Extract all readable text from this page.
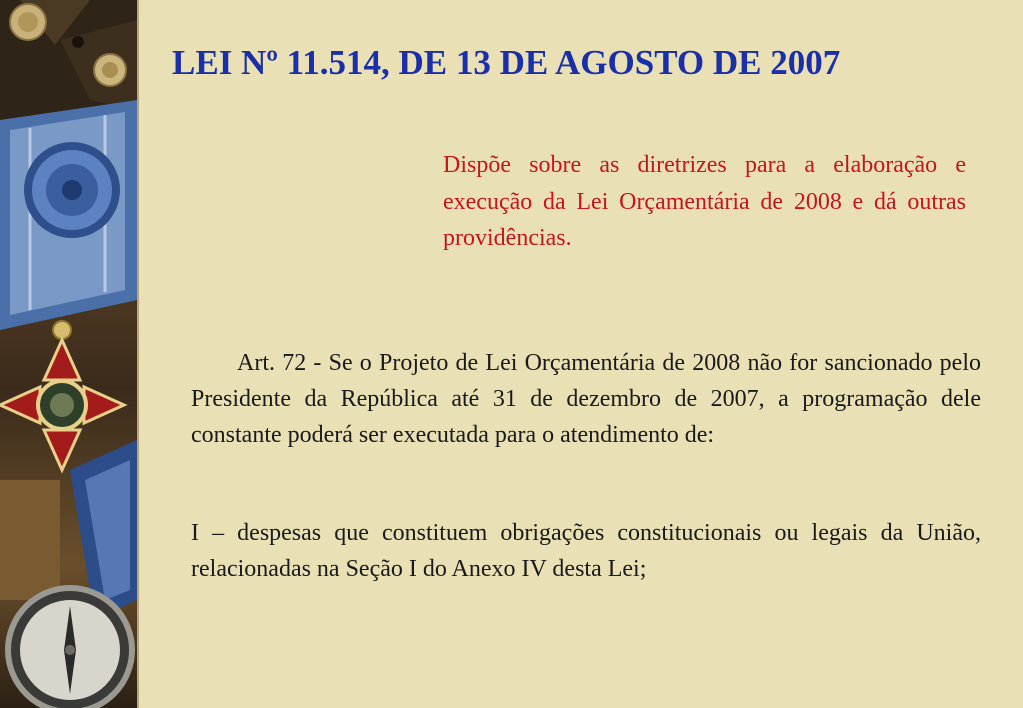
LEI Nº 11.514, DE 13 DE AGOSTO DE 2007

Dispõe sobre as diretrizes para a elaboração e execução da Lei Orçamentária de 2008 e dá outras providências.

Art. 72 - Se o Projeto de Lei Orçamentária de 2008 não for sancionado pelo Presidente da República até 31 de dezembro de 2007, a programação dele constante poderá ser executada para o atendimento de:

I – despesas que constituem obrigações constitucionais ou legais da União, relacionadas na Seção I do Anexo IV desta Lei;
